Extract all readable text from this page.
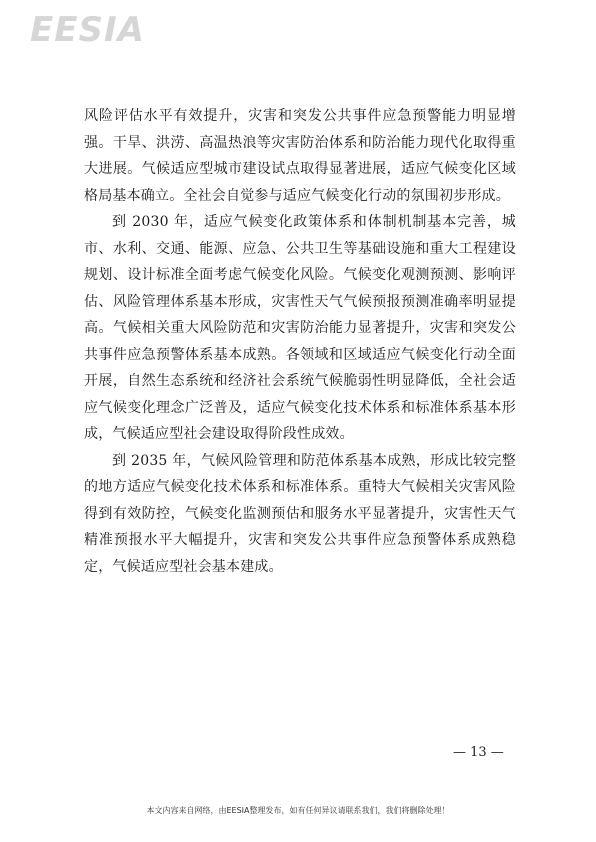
EESIA

风险评估水平有效提升，灾害和突发公共事件应急预警能力明显增强。干旱、洪涝、高温热浪等灾害防治体系和防治能力现代化取得重大进展。气候适应型城市建设试点取得显著进展，适应气候变化区域格局基本确立。全社会自觉参与适应气候变化行动的氛围初步形成。

到 2030 年，适应气候变化政策体系和体制机制基本完善，城市、水利、交通、能源、应急、公共卫生等基础设施和重大工程建设规划、设计标准全面考虑气候变化风险。气候变化观测预测、影响评估、风险管理体系基本形成，灾害性天气气候预报预测准确率明显提高。气候相关重大风险防范和灾害防治能力显著提升，灾害和突发公共事件应急预警体系基本成熟。各领域和区域适应气候变化行动全面开展，自然生态系统和经济社会系统气候脆弱性明显降低，全社会适应气候变化理念广泛普及，适应气候变化技术体系和标准体系基本形成，气候适应型社会建设取得阶段性成效。

到 2035 年，气候风险管理和防范体系基本成熟，形成比较完整的地方适应气候变化技术体系和标准体系。重特大气候相关灾害风险得到有效防控，气候变化监测预估和服务水平显著提升，灾害性天气精准预报水平大幅提升，灾害和突发公共事件应急预警体系成熟稳定，气候适应型社会基本建成。

— 13 —
本文内容来自网络，由EESIA整理发布，如有任何异议请联系我们，我们将删除处理！
